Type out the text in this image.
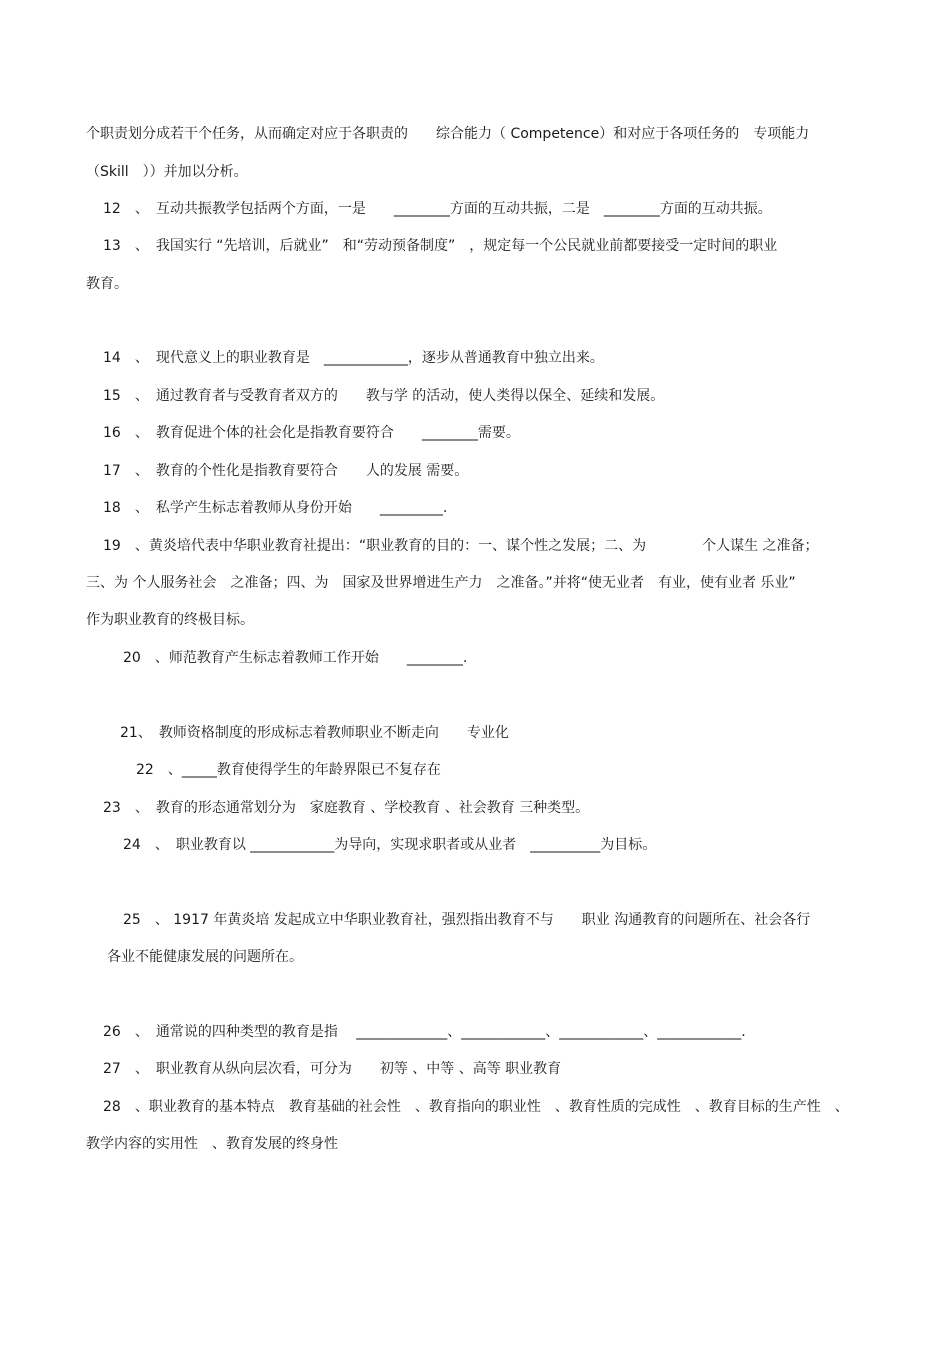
个职责划分成若干个任务，从而确定对应于各职责的　　综合能力（ Competence）和对应于各项任务的　专项能力
（Skill　））并加以分析。
12　、　互动共振教学包括两个方面，一是　　________方面的互动共振，二是　________方面的互动共振。
13　、　我国实行 “先培训，后就业”　和“劳动预备制度”　，规定每一个公民就业前都要接受一定时间的职业
教育。
14　、　现代意义上的职业教育是　____________，逐步从普通教育中独立出来。
15　、　通过教育者与受教育者双方的　　教与学 的活动，使人类得以保全、延续和发展。
16　、　教育促进个体的社会化是指教育要符合　　________需要。
17　、　教育的个性化是指教育要符合　　人的发展 需要。
18　、　私学产生标志着教师从身份开始　　_________.
19　、黄炎培代表中华职业教育社提出：“职业教育的目的：一、谋个性之发展；二、为　　　　个人谋生 之准备；
三、为 个人服务社会　之准备；四、为　国家及世界增进生产力　之准备。”并将“使无业者　有业，使有业者 乐业”
作为职业教育的终极目标。
20　、师范教育产生标志着教师工作开始　　________.
21、　教师资格制度的形成标志着教师职业不断走向　　专业化
22　、_____教育使得学生的年龄界限已不复存在
23　、　教育的形态通常划分为　家庭教育 、学校教育 、社会教育 三种类型。
24　、　职业教育以 ____________为导向，实现求职者或从业者　__________为目标。
25　、 1917 年黄炎培 发起成立中华职业教育社，强烈指出教育不与　　职业 沟通教育的问题所在、社会各行
各业不能健康发展的问题所在。
26　、　通常说的四种类型的教育是指　 _____________、____________、____________、____________.
27　、　职业教育从纵向层次看，可分为　　初等 、中等 、高等 职业教育
28　、职业教育的基本特点　教育基础的社会性　、教育指向的职业性　、教育性质的完成性　、教育目标的生产性　、
教学内容的实用性　、教育发展的终身性
